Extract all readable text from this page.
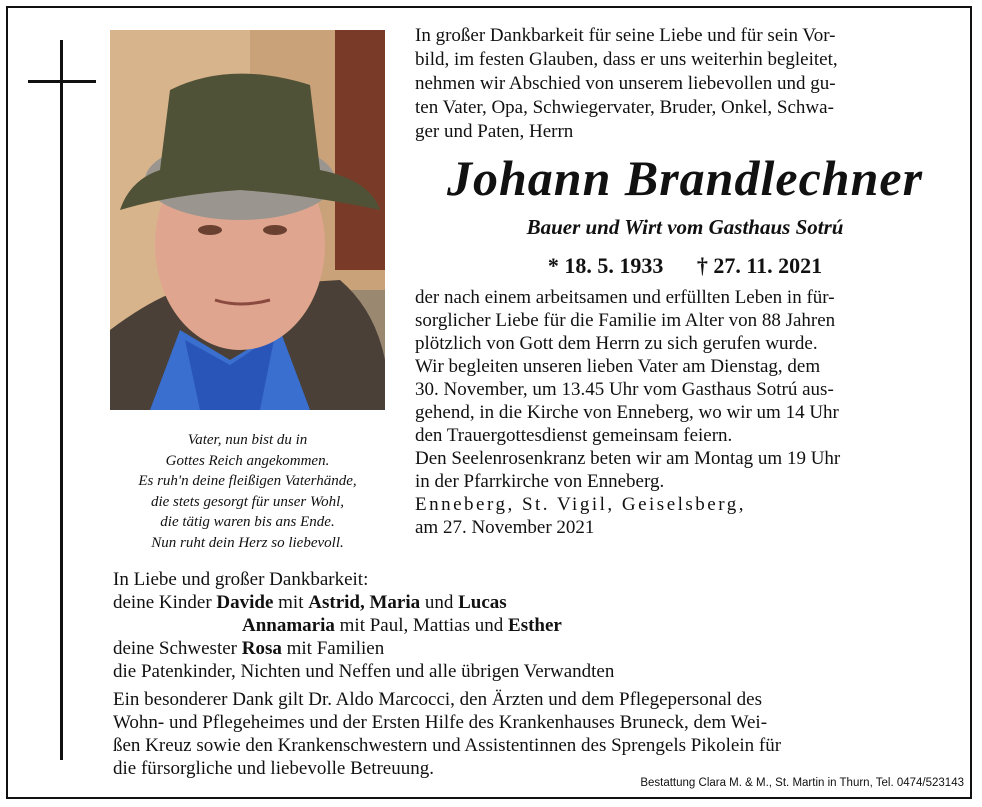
Vater, nun bist du in
Gottes Reich angekommen.
Es ruh'n deine fleißigen Vaterhände,
die stets gesorgt für unser Wohl,
die tätig waren bis ans Ende.
Nun ruht dein Herz so liebevoll.
In großer Dankbarkeit für seine Liebe und für sein Vor-
bild, im festen Glauben, dass er uns weiterhin begleitet,
nehmen wir Abschied von unserem liebevollen und gu-
ten Vater, Opa, Schwiegervater, Bruder, Onkel, Schwa-
ger und Paten, Herrn
Johann Brandlechner
Bauer und Wirt vom Gasthaus Sotrú
* 18. 5. 1933 † 27. 11. 2021
der nach einem arbeitsamen und erfüllten Leben in für-
sorglicher Liebe für die Familie im Alter von 88 Jahren
plötzlich von Gott dem Herrn zu sich gerufen wurde.
Wir begleiten unseren lieben Vater am Dienstag, dem
30. November, um 13.45 Uhr vom Gasthaus Sotrú aus-
gehend, in die Kirche von Enneberg, wo wir um 14 Uhr
den Trauergottesdienst gemeinsam feiern.
Den Seelenrosenkranz beten wir am Montag um 19 Uhr
in der Pfarrkirche von Enneberg.
Enneberg, St. Vigil, Geiselsberg,
am 27. November 2021
In Liebe und großer Dankbarkeit:
deine Kinder Davide mit Astrid, Maria und Lucas
Annamaria mit Paul, Mattias und Esther
deine Schwester Rosa mit Familien
die Patenkinder, Nichten und Neffen und alle übrigen Verwandten
Ein besonderer Dank gilt Dr. Aldo Marcocci, den Ärzten und dem Pflegepersonal des
Wohn- und Pflegeheimes und der Ersten Hilfe des Krankenhauses Bruneck, dem Wei-
ßen Kreuz sowie den Krankenschwestern und Assistentinnen des Sprengels Pikolein für
die fürsorgliche und liebevolle Betreuung.
Bestattung Clara M. & M., St. Martin in Thurn, Tel. 0474/523143
